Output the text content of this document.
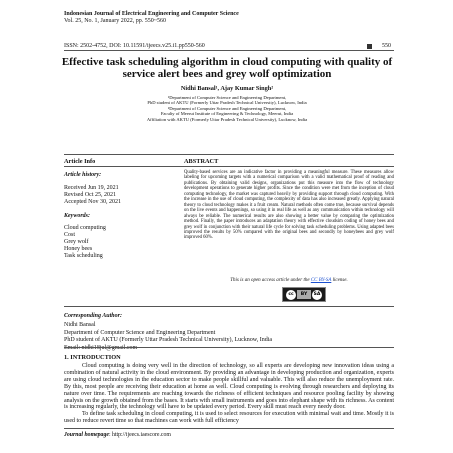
Indonesian Journal of Electrical Engineering and Computer Science
Vol. 25, No. 1, January 2022, pp. 550~560
ISSN: 2502-4752, DOI: 10.11591/ijeecs.v25.i1.pp550-560	550
Effective task scheduling algorithm in cloud computing with quality of service alert bees and grey wolf optimization
Nidhi Bansal¹, Ajay Kumar Singh²
¹Department of Computer Science and Engineering Department,
PhD student of AKTU (Formerly Uttar Pradesh Technical University), Lucknow, India
²Department of Computer Science and Engineering Department,
Faculty of Meerut Institute of Engineering & Technology, Meerut, India
Affiliation with AKTU (Formerly Uttar Pradesh Technical University), Lucknow, India
Article Info	ABSTRACT
Article history:
Received Jun 19, 2021
Revised Oct 25, 2021
Accepted Nov 30, 2021
Keywords:
Cloud computing
Cost
Grey wolf
Honey bees
Task scheduling
Quality-based services are an indicative factor in providing a meaningful measure. These measures allow labeling for upcoming targets with a numerical comparison with a valid mathematical proof of reading and publications. By obtaining valid designs, organizations put this measure into the flow of technology development operations to generate higher profits. Since the condition were met from the inception of cloud computing technology, the market was captured heavily by providing support through cloud computing. With the increase in the use of cloud computing, the complexity of data has also increased greatly. Applying natural theory to cloud technology makes it a fruit cream. Natural methods often come true, because survival depends on the live events and happenings, so using it in real life as well as any communication within technology will always be reliable. The numerical results are also showing a better value by comparing the optimization method. Finally, the paper introduces an adaptation theory with effective cloudsim coding of honey bees and grey wolf in conjunction with their natural life cycle for solving task scheduling problems. Using adapted bees improved the results by 50% compared with the original bees and secondly by honeybees and grey wolf improved 60%.
This is an open access article under the CC BY-SA license.
cc	BY	SA
Corresponding Author:
Nidhi Bansal
Department of Computer Science and Engineering Department
PhD student of AKTU (Formerly Uttar Pradesh Technical University), Lucknow, India
1. INTRODUCTION

Cloud computing is doing very well in the direction of technology, so all experts are developing new innovation ideas using a combination of natural activity in the cloud environment. By providing an advantage in developing production and organization, experts are using cloud technologies in the education sector to make people skillful and valuable. This will also reduce the unemployment rate. By this, most people are receiving their education at home as well. Cloud computing is evolving through researchers and deploying its nature over time. The requirements are reaching towards the richness of efficient techniques and resource pooling facility by showing analysis on the growth obtained from the bases. It starts with small instruments and goes into elephant shape with its richness. As content is increasing regularly, the technology will have to be updated every period. Every skill must reach every needy door.

To define task scheduling in cloud computing, it is used to select resources for execution with minimal wait and time. Mostly it is used to reduce revert time so that machines can work with full efficiency

Journal homepage: http://ijeecs.iaescore.com
